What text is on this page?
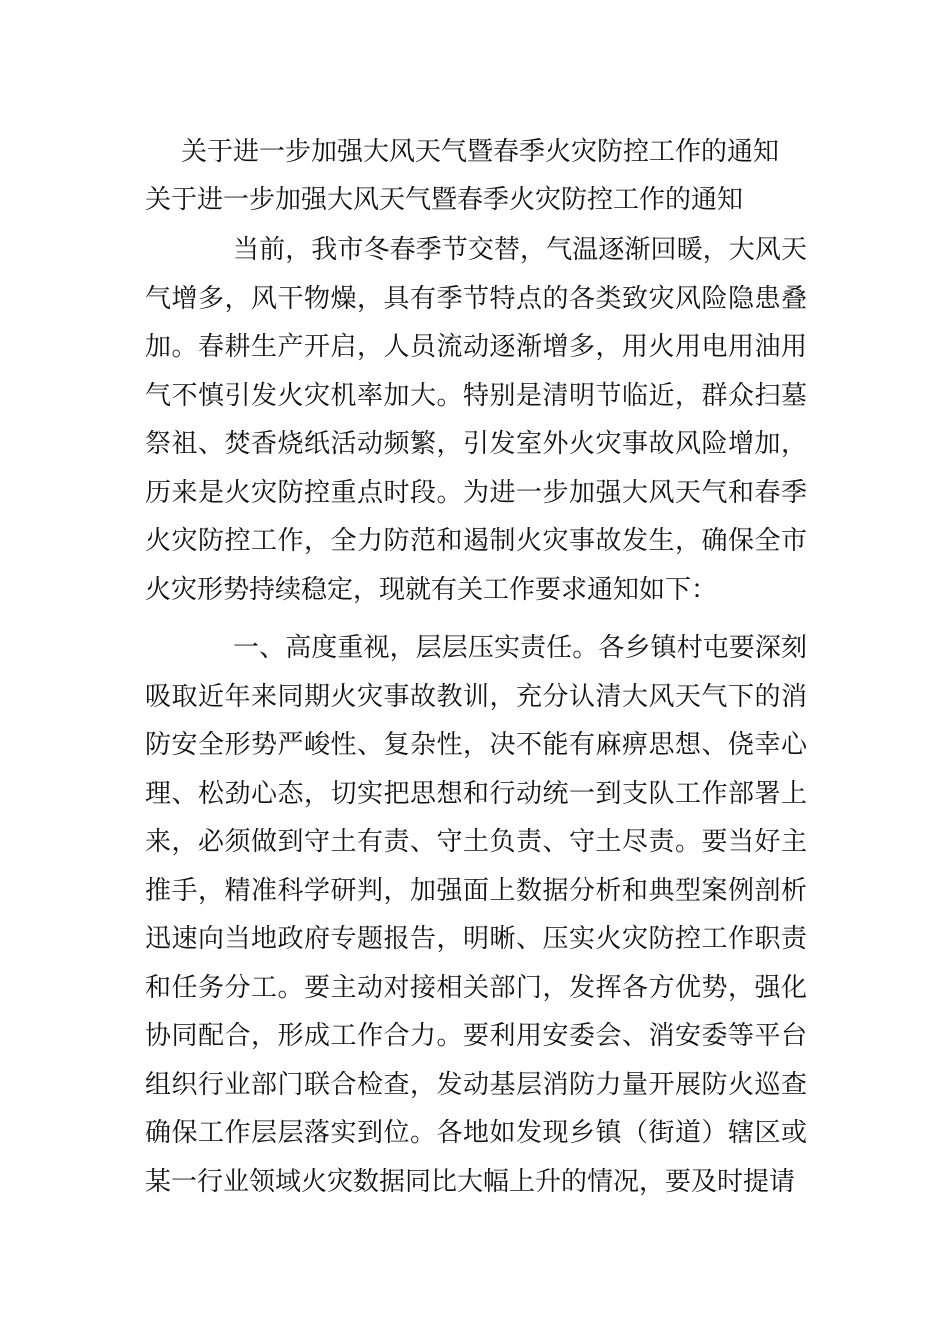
关于进一步加强大风天气暨春季火灾防控工作的通知
关于进一步加强大风天气暨春季火灾防控工作的通知

当前，我市冬春季节交替，气温逐渐回暖，大风天气增多，风干物燥，具有季节特点的各类致灾风险隐患叠加。春耕生产开启，人员流动逐渐增多，用火用电用油用气不慎引发火灾机率加大。特别是清明节临近，群众扫墓祭祖、焚香烧纸活动频繁，引发室外火灾事故风险增加，历来是火灾防控重点时段。为进一步加强大风天气和春季火灾防控工作，全力防范和遏制火灾事故发生，确保全市火灾形势持续稳定，现就有关工作要求通知如下：

一、高度重视，层层压实责任。各乡镇村屯要深刻吸取近年来同期火灾事故教训，充分认清大风天气下的消防安全形势严峻性、复杂性，决不能有麻痹思想、侥幸心理、松劲心态，切实把思想和行动统一到支队工作部署上来，必须做到守土有责、守土负责、守土尽责。要当好主推手，精准科学研判，加强面上数据分析和典型案例剖析迅速向当地政府专题报告，明晰、压实火灾防控工作职责和任务分工。要主动对接相关部门，发挥各方优势，强化协同配合，形成工作合力。要利用安委会、消安委等平台组织行业部门联合检查，发动基层消防力量开展防火巡查确保工作层层落实到位。各地如发现乡镇（街道）辖区或某一行业领域火灾数据同比大幅上升的情况，要及时提请
